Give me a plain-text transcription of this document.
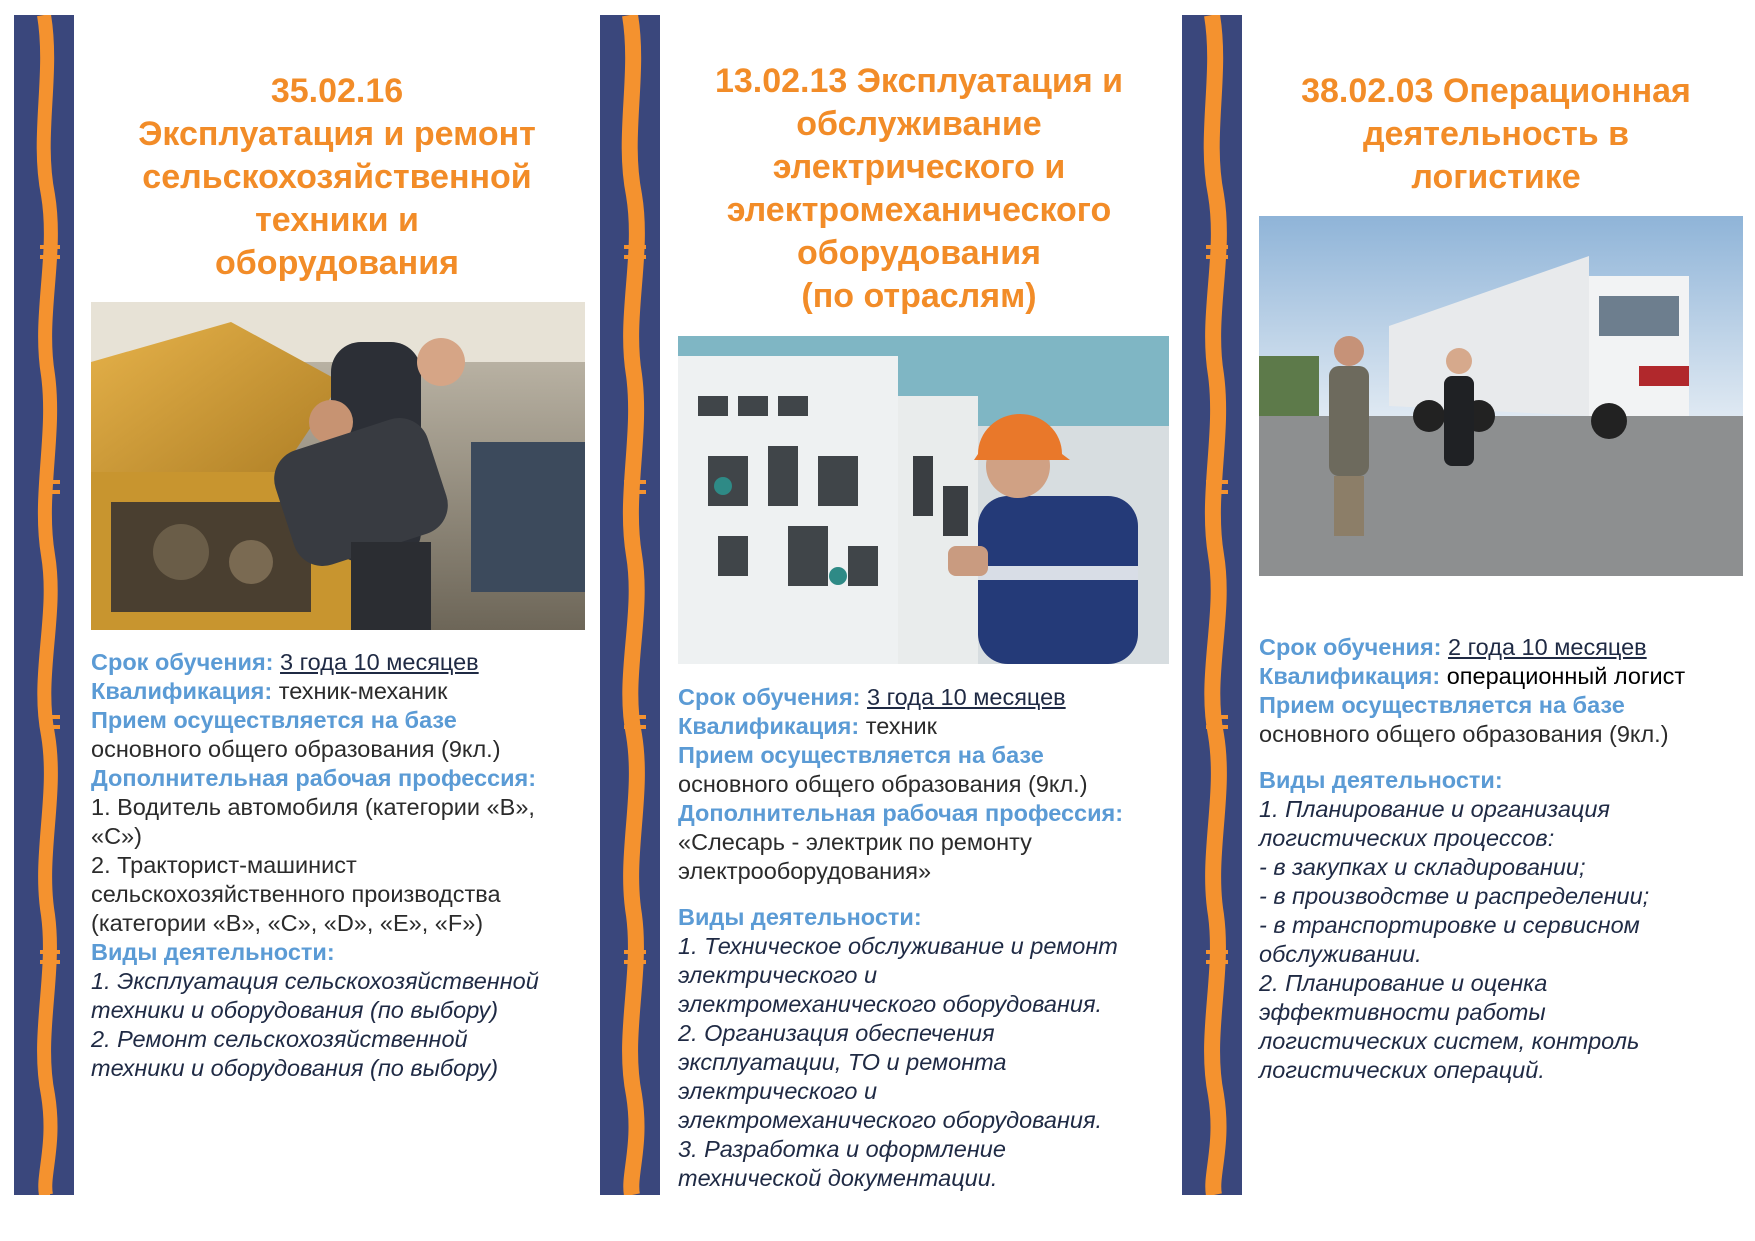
35.02.16
Эксплуатация и ремонт
сельскохозяйственной
техники и
оборудования
Срок обучения: 3 года 10 месяцев
Квалификация: техник-механик
Прием осуществляется на базе
основного общего образования (9кл.)
Дополнительная рабочая профессия:
1. Водитель автомобиля (категории «В»,
«С»)
2. Тракторист-машинист
сельскохозяйственного производства
(категории «В», «С», «D», «Е», «F»)
Виды деятельности:
1. Эксплуатация сельскохозяйственной
техники и оборудования (по выбору)
2. Ремонт сельскохозяйственной
техники и оборудования (по выбору)
13.02.13 Эксплуатация и
обслуживание
электрического и
электромеханического
оборудования
(по отраслям)
Срок обучения: 3 года 10 месяцев
Квалификация: техник
Прием осуществляется на базе
основного общего образования (9кл.)
Дополнительная рабочая профессия:
«Слесарь - электрик по ремонту
электрооборудования»
Виды деятельности:
1. Техническое обслуживание и ремонт
электрического и
электромеханического оборудования.
2. Организация обеспечения
эксплуатации, ТО и ремонта
электрического и
электромеханического оборудования.
3. Разработка и оформление
технической документации.
38.02.03 Операционная
деятельность в
логистике
Срок обучения: 2 года 10 месяцев
Квалификация: операционный логист
Прием осуществляется на базе
основного общего образования (9кл.)
Виды деятельности:
1. Планирование и организация
логистических процессов:
- в закупках и складировании;
- в производстве и распределении;
- в транспортировке и сервисном
обслуживании.
2. Планирование и оценка
эффективности работы
логистических систем, контроль
логистических операций.
